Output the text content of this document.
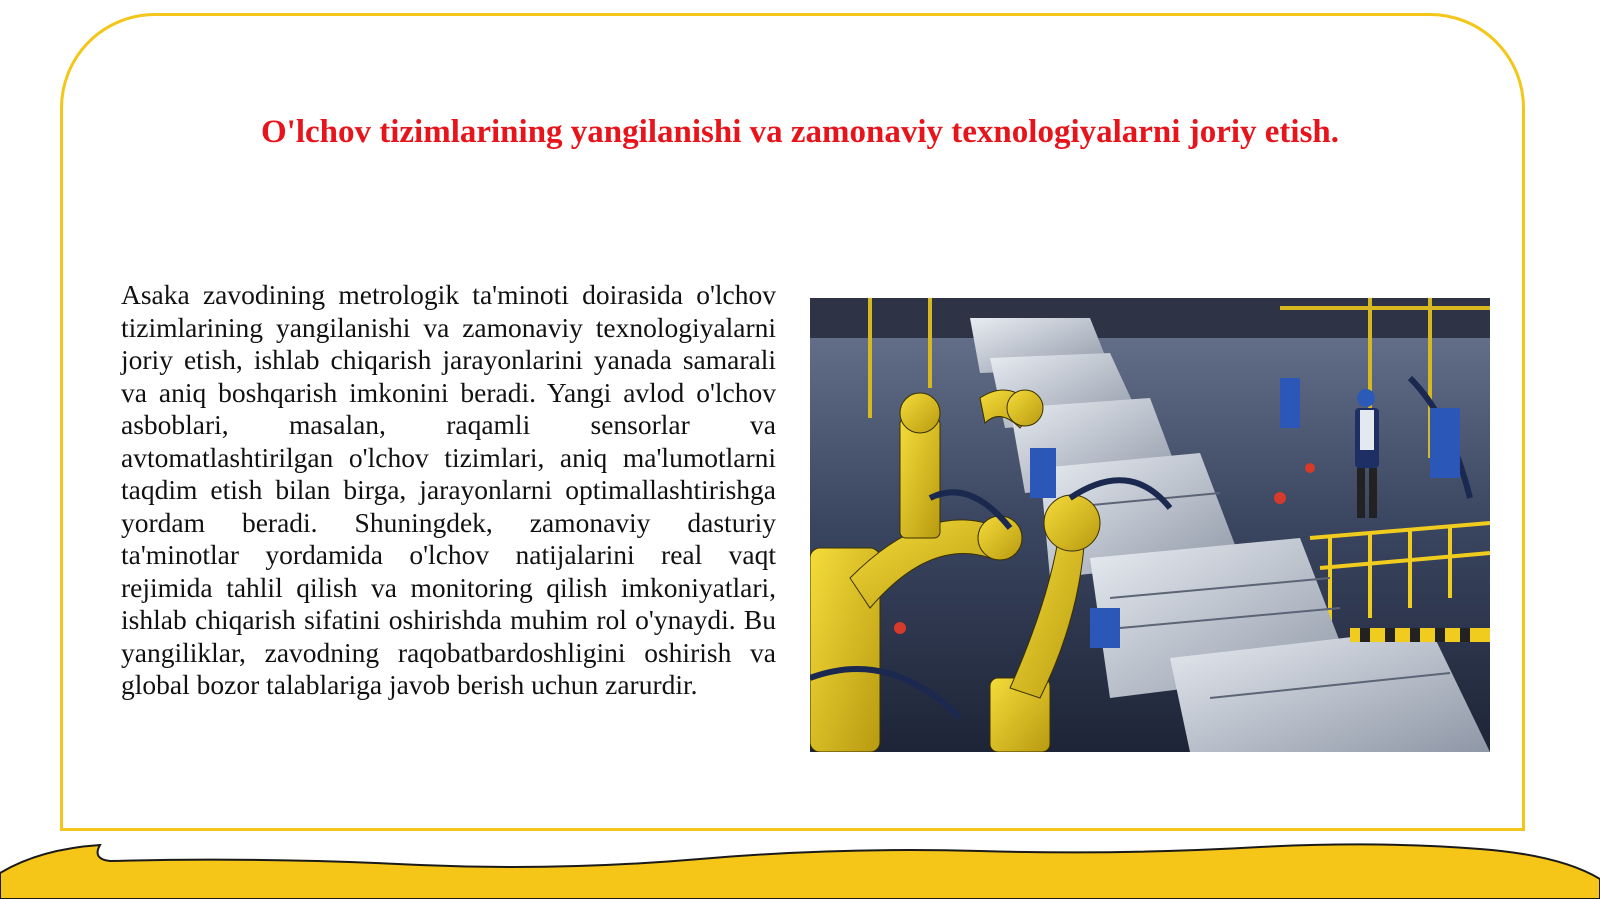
O'lchov tizimlarining yangilanishi va zamonaviy texnologiyalarni joriy etish.

Asaka zavodining metrologik ta'minoti doirasida o'lchov tizimlarining yangilanishi va zamonaviy texnologiyalarni joriy etish, ishlab chiqarish jarayonlarini yanada samarali va aniq boshqarish imkonini beradi. Yangi avlod o'lchov asboblari, masalan, raqamli sensorlar va avtomatlashtirilgan o'lchov tizimlari, aniq ma'lumotlarni taqdim etish bilan birga, jarayonlarni optimallashtirishga yordam beradi. Shuningdek, zamonaviy dasturiy ta'minotlar yordamida o'lchov natijalarini real vaqt rejimida tahlil qilish va monitoring qilish imkoniyatlari, ishlab chiqarish sifatini oshirishda muhim rol o'ynaydi. Bu yangiliklar, zavodning raqobatbardoshligini oshirish va global bozor talablariga javob berish uchun zarurdir.
